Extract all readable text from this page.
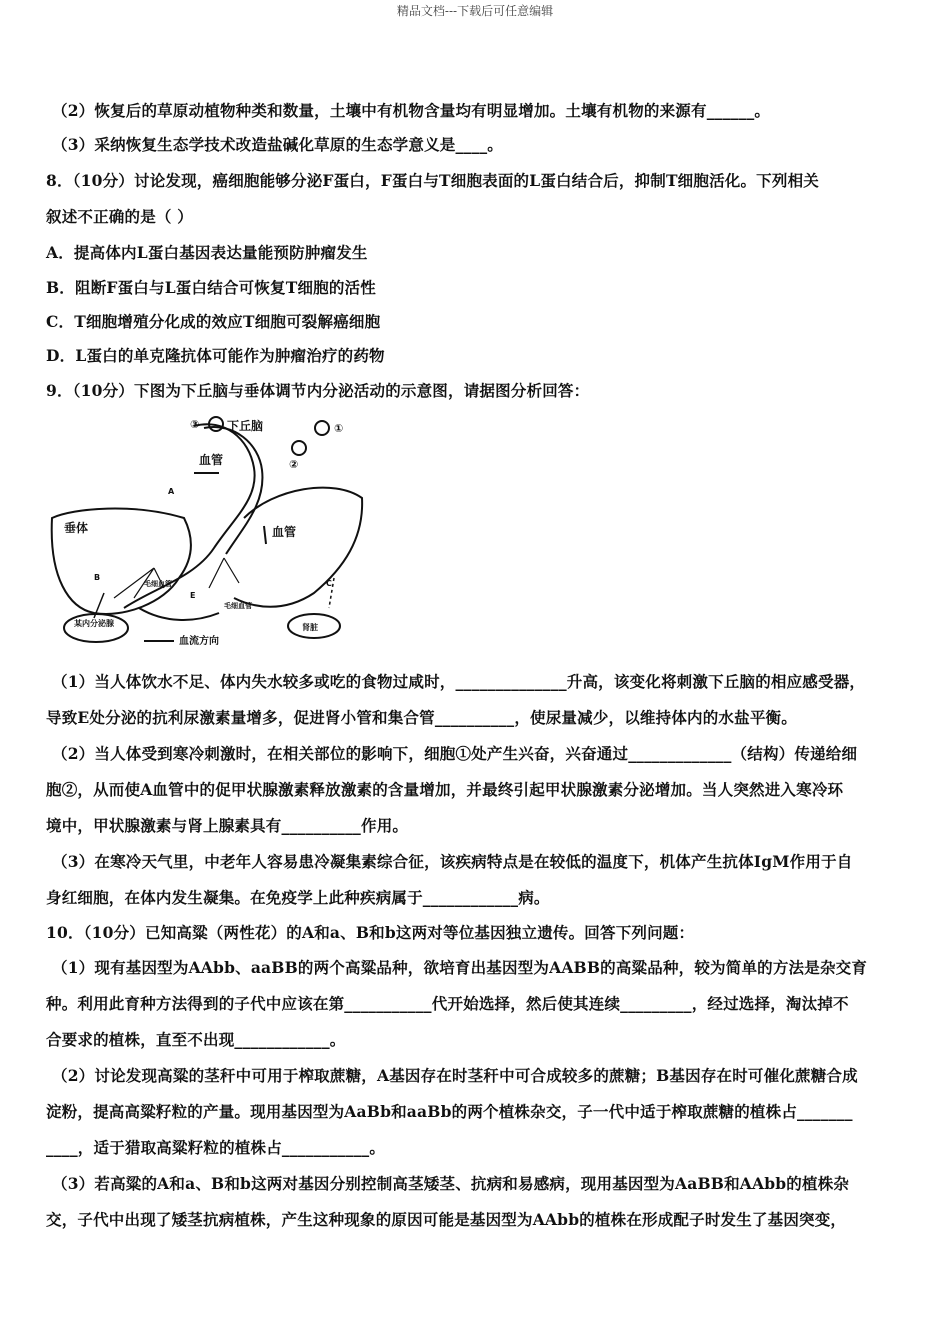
精品文档---下载后可任意编辑
（2）恢复后的草原动植物种类和数量，土壤中有机物含量均有明显增加。土壤有机物的来源有______。
（3）采纳恢复生态学技术改造盐碱化草原的生态学意义是____。
8．（10分）讨论发现，癌细胞能够分泌F蛋白，F蛋白与T细胞表面的L蛋白结合后，抑制T细胞活化。下列相关
叙述不正确的是（ ）
A．提高体内L蛋白基因表达量能预防肿瘤发生
B．阻断F蛋白与L蛋白结合可恢复T细胞的活性
C．T细胞增殖分化成的效应T细胞可裂解癌细胞
D．L蛋白的单克隆抗体可能作为肿瘤治疗的药物
9．（10分）下图为下丘脑与垂体调节内分泌活动的示意图，请据图分析回答：
下丘脑
血管
血管
垂体
毛细血管
毛细血管
某内分泌腺	肾脏
血流方向
①
②
③
A
B
C
E
（1）当人体饮水不足、体内失水较多或吃的食物过咸时，______________升高，该变化将刺激下丘脑的相应感受器，
导致E处分泌的抗利尿激素量增多，促进肾小管和集合管__________，使尿量减少，以维持体内的水盐平衡。
（2）当人体受到寒冷刺激时，在相关部位的影响下，细胞①处产生兴奋，兴奋通过_____________（结构）传递给细
胞②，从而使A血管中的促甲状腺激素释放激素的含量增加，并最终引起甲状腺激素分泌增加。当人突然进入寒冷环
境中，甲状腺激素与肾上腺素具有__________作用。
（3）在寒冷天气里，中老年人容易患冷凝集素综合征，该疾病特点是在较低的温度下，机体产生抗体IgM作用于自
身红细胞，在体内发生凝集。在免疫学上此种疾病属于____________病。
10．（10分）已知高粱（两性花）的A和a、B和b这两对等位基因独立遗传。回答下列问题：
（1）现有基因型为AAbb、aaBB的两个高粱品种，欲培育出基因型为AABB的高粱品种，较为简单的方法是杂交育
种。利用此育种方法得到的子代中应该在第___________代开始选择，然后使其连续_________，经过选择，淘汰掉不
合要求的植株，直至不出现____________。
（2）讨论发现高粱的茎秆中可用于榨取蔗糖，A基因存在时茎秆中可合成较多的蔗糖；B基因存在时可催化蔗糖合成
淀粉，提高高粱籽粒的产量。现用基因型为AaBb和aaBb的两个植株杂交，子一代中适于榨取蔗糖的植株占_______
____，适于猎取高粱籽粒的植株占___________。
（3）若高粱的A和a、B和b这两对基因分别控制高茎矮茎、抗病和易感病，现用基因型为AaBB和AAbb的植株杂
交，子代中出现了矮茎抗病植株，产生这种现象的原因可能是基因型为AAbb的植株在形成配子时发生了基因突变，
